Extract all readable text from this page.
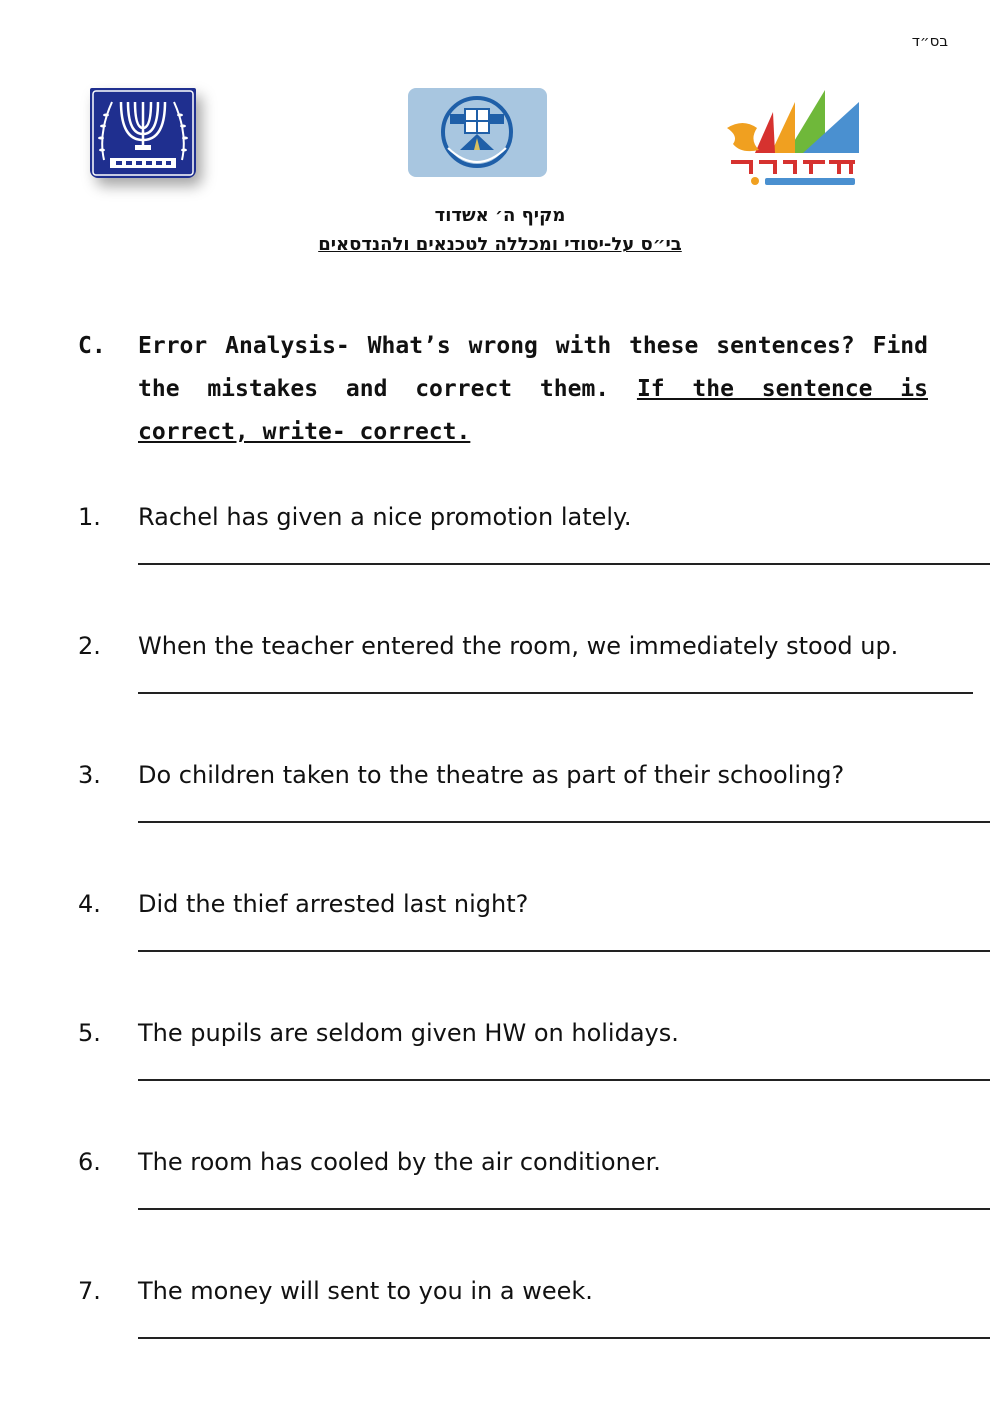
בס״ד
מקיף ה׳ אשדוד
בי״ס על-יסודי ומכללה לטכנאים ולהנדסאים
C. Error Analysis- What’s wrong with these sentences? Find the mistakes and correct them. If the sentence is correct, write- correct.
1. Rachel has given a nice promotion lately.
2. When the teacher entered the room, we immediately stood up.
3. Do children taken to the theatre as part of their schooling?
4. Did the thief arrested last night?
5. The pupils are seldom given HW on holidays.
6. The room has cooled by the air conditioner.
7. The money will sent to you in a week.
